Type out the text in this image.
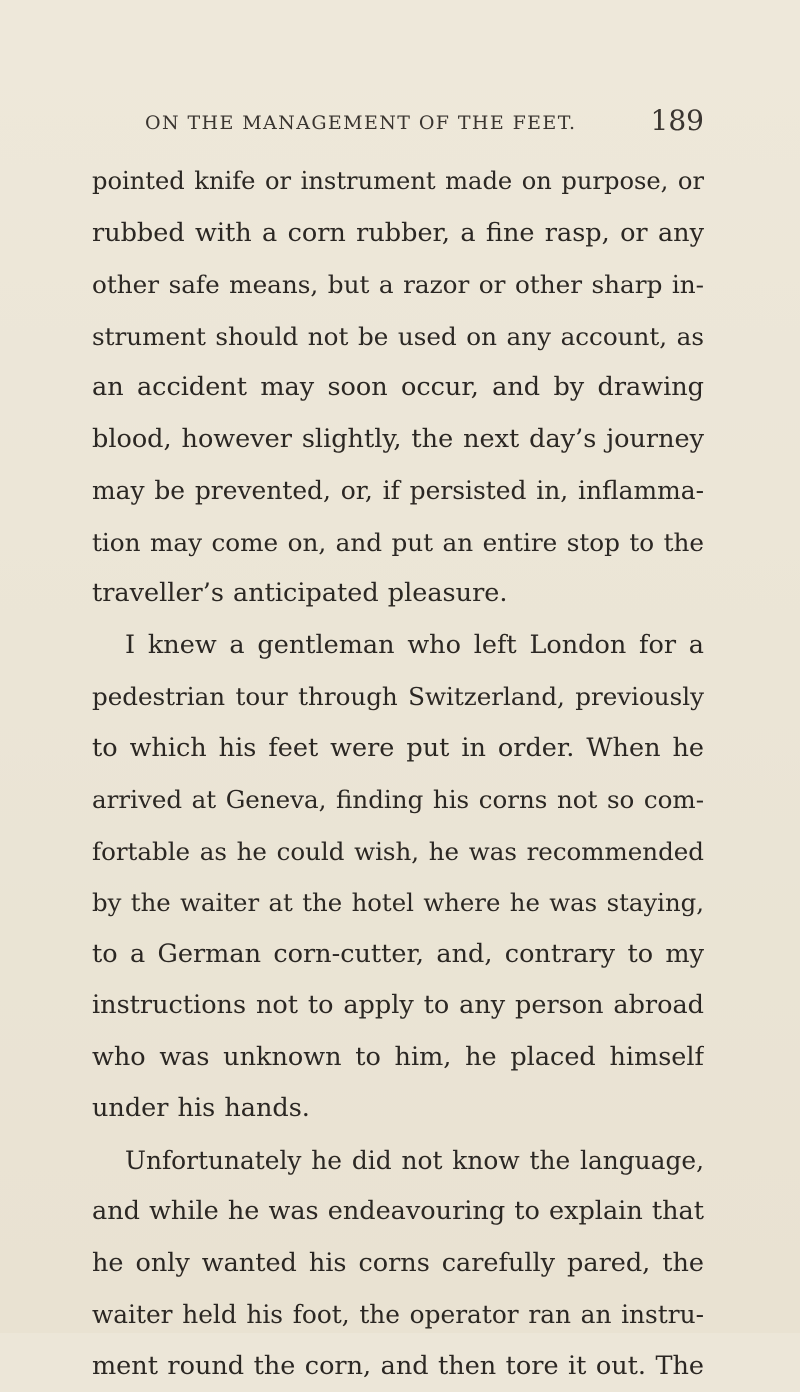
ON THE MANAGEMENT OF THE FEET.	189
pointed knife or instrument made on purpose, or
rubbed with a corn rubber, a fine rasp, or any
other safe means, but a razor or other sharp in-
strument should not be used on any account, as
an accident may soon occur, and by drawing
blood, however slightly, the next day’s journey
may be prevented, or, if persisted in, inflamma-
tion may come on, and put an entire stop to the
traveller’s anticipated pleasure.
I knew a gentleman who left London for a
pedestrian tour through Switzerland, previously
to which his feet were put in order. When he
arrived at Geneva, finding his corns not so com-
fortable as he could wish, he was recommended
by the waiter at the hotel where he was staying,
to a German corn-cutter, and, contrary to my
instructions not to apply to any person abroad
who was unknown to him, he placed himself
under his hands.
Unfortunately he did not know the language,
and while he was endeavouring to explain that
he only wanted his corns carefully pared, the
waiter held his foot, the operator ran an instru-
ment round the corn, and then tore it out. The
